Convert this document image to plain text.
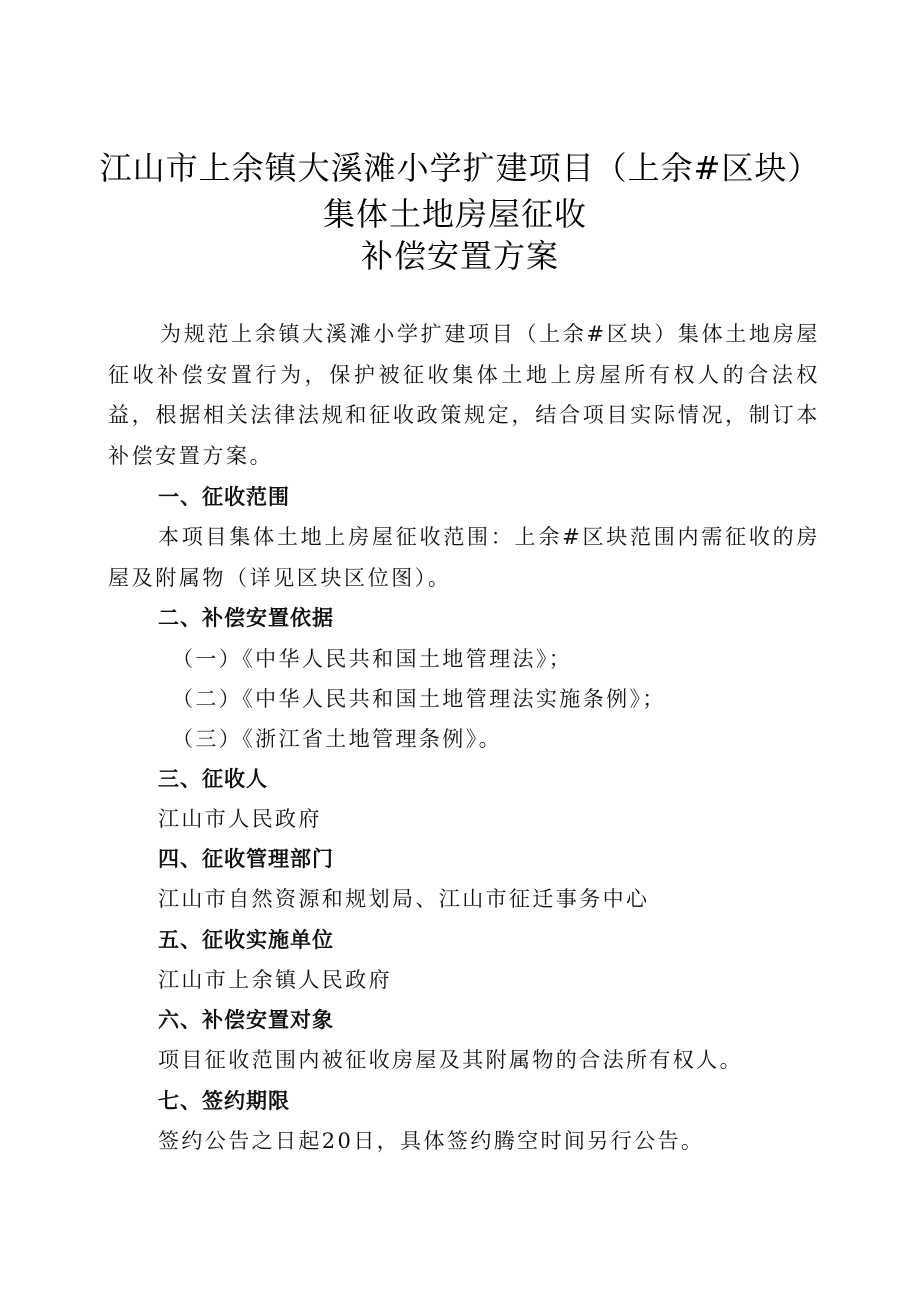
江山市上余镇大溪滩小学扩建项目（上余#区块）
集体土地房屋征收
补偿安置方案

为规范上余镇大溪滩小学扩建项目（上余#区块）集体土地房屋征收补偿安置行为，保护被征收集体土地上房屋所有权人的合法权益，根据相关法律法规和征收政策规定，结合项目实际情况，制订本补偿安置方案。

一、征收范围

本项目集体土地上房屋征收范围：上余#区块范围内需征收的房屋及附属物（详见区块区位图）。

二、补偿安置依据
（一）《中华人民共和国土地管理法》；
（二）《中华人民共和国土地管理法实施条例》；
（三）《浙江省土地管理条例》。
三、征收人
江山市人民政府
四、征收管理部门
江山市自然资源和规划局、江山市征迁事务中心
五、征收实施单位
江山市上余镇人民政府
六、补偿安置对象
项目征收范围内被征收房屋及其附属物的合法所有权人。
七、签约期限
签约公告之日起20日，具体签约腾空时间另行公告。
